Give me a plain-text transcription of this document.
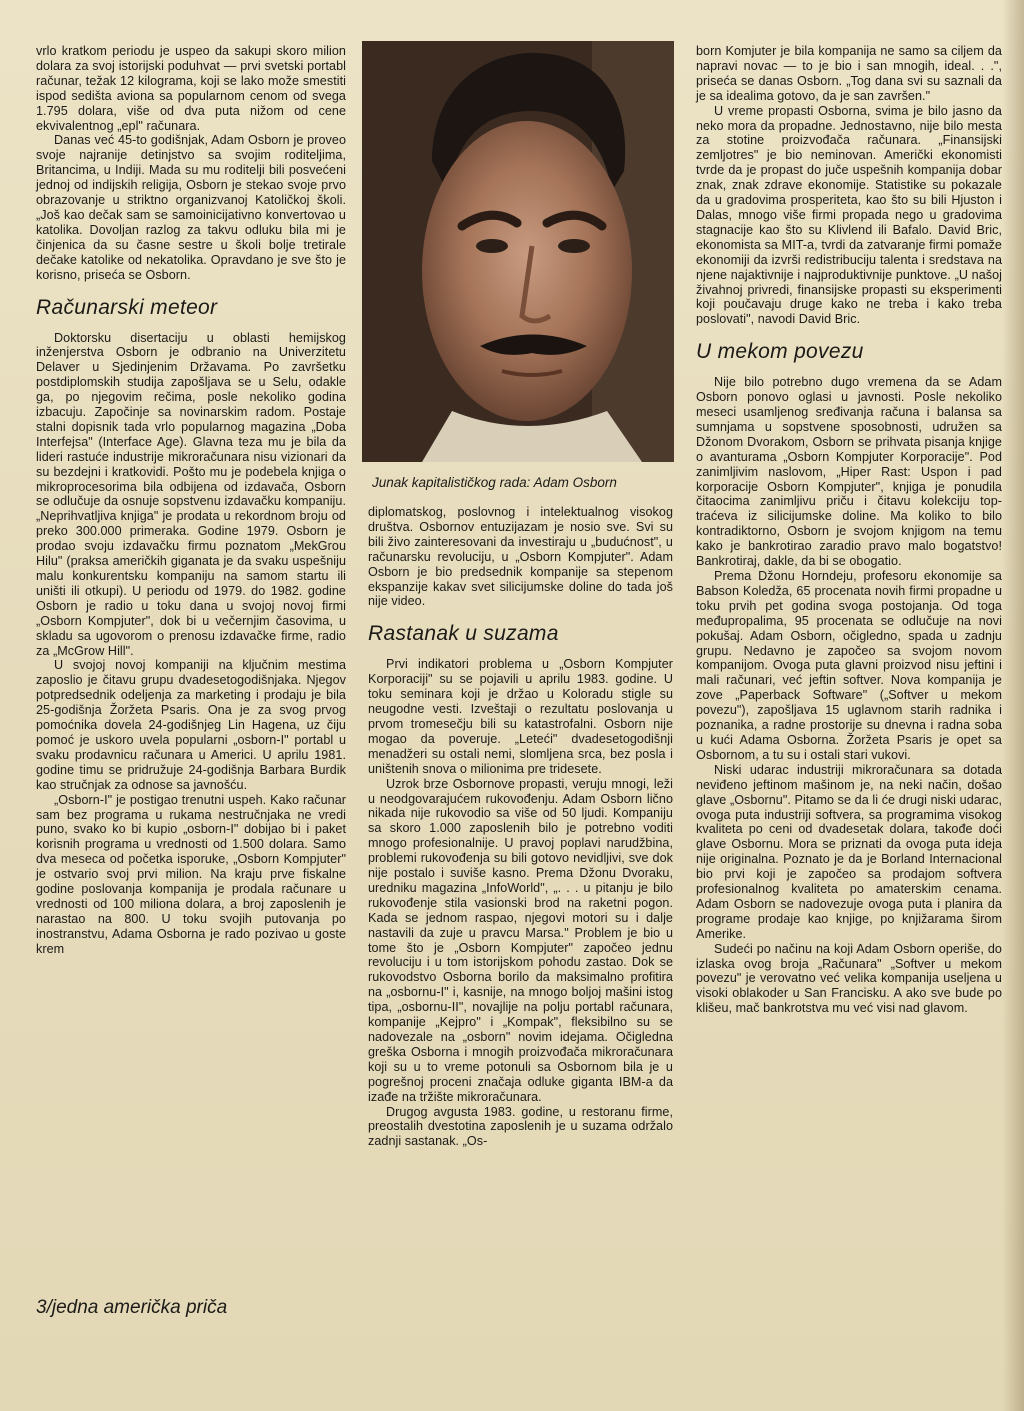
vrlo kratkom periodu je uspeo da sakupi skoro milion dolara za svoj istorijski poduhvat — prvi svetski portabl računar, težak 12 kilograma, koji se lako može smestiti ispod sedišta aviona sa popularnom cenom od svega 1.795 dolara, više od dva puta nižom od cene ekvivalentnog „epl" računara.

Danas već 45-to godišnjak, Adam Osborn je proveo svoje najranije detinjstvo sa svojim roditeljima, Britancima, u Indiji. Mada su mu roditelji bili posvećeni jednoj od indijskih religija, Osborn je stekao svoje prvo obrazovanje u striktno organizvanoj Katoličkoj školi. „Još kao dečak sam se samoinicijativno konvertovao u katolika. Dovoljan razlog za takvu odluku bila mi je činjenica da su časne sestre u školi bolje tretirale dečake katolike od nekatolika. Opravdano je sve što je korisno, priseća se Osborn.

Računarski meteor

Doktorsku disertaciju u oblasti hemijskog inženjerstva Osborn je odbranio na Univerzitetu Delaver u Sjedinjenim Državama. Po završetku postdiplomskih studija zapošljava se u Selu, odakle ga, po njegovim rečima, posle nekoliko godina izbacuju. Započinje sa novinarskim radom. Postaje stalni dopisnik tada vrlo popularnog magazina „Doba Interfejsa" (Interface Age). Glavna teza mu je bila da lideri rastuće industrije mikroračunara nisu vizionari da su bezdejni i kratkovidi. Pošto mu je podebela knjiga o mikroprocesorima bila odbijena od izdavača, Osborn se odlučuje da osnuje sopstvenu izdavačku kompaniju. „Neprihvatljiva knjiga" je prodata u rekordnom broju od preko 300.000 primeraka. Godine 1979. Osborn je prodao svoju izdavačku firmu poznatom „MekGrou Hilu" (praksa američkih giganata je da svaku uspešniju malu konkurentsku kompaniju na samom startu ili uništi ili otkupi). U periodu od 1979. do 1982. godine Osborn je radio u toku dana u svojoj novoj firmi „Osborn Kompjuter", dok bi u večernjim časovima, u skladu sa ugovorom o prenosu izdavačke firme, radio za „McGrow Hill".

U svojoj novoj kompaniji na ključnim mestima zaposlio je čitavu grupu dvadesetogodišnjaka. Njegov potpredsednik odeljenja za marketing i prodaju je bila 25-godišnja Žoržeta Psaris. Ona je za svog prvog pomoćnika dovela 24-godišnjeg Lin Hagena, uz čiju pomoć je uskoro uvela popularni „osborn-I" portabl u svaku prodavnicu računara u Americi. U aprilu 1981. godine timu se pridružuje 24-godišnja Barbara Burdik kao stručnjak za odnose sa javnošću.

„Osborn-I" je postigao trenutni uspeh. Kako računar sam bez programa u rukama nestručnjaka ne vredi puno, svako ko bi kupio „osborn-I" dobijao bi i paket korisnih programa u vrednosti od 1.500 dolara. Samo dva meseca od početka isporuke, „Osborn Kompjuter" je ostvario svoj prvi milion. Na kraju prve fiskalne godine poslovanja kompanija je prodala računare u vrednosti od 100 miliona dolara, a broj zaposlenih je narastao na 800. U toku svojih putovanja po inostranstvu, Adama Osborna je rado pozivao u goste krem

Junak kapitalističkog rada: Adam Osborn

diplomatskog, poslovnog i intelektualnog visokog društva. Osbornov entuzijazam je nosio sve. Svi su bili živo zainteresovani da investiraju u „budućnost", u računarsku revoluciju, u „Osborn Kompjuter". Adam Osborn je bio predsednik kompanije sa stepenom ekspanzije kakav svet silicijumske doline do tada još nije video.

Rastanak u suzama

Prvi indikatori problema u „Osborn Kompjuter Korporaciji" su se pojavili u aprilu 1983. godine. U toku seminara koji je držao u Koloradu stigle su neugodne vesti. Izveštaji o rezultatu poslovanja u prvom tromesečju bili su katastrofalni. Osborn nije mogao da poveruje. „Leteći" dvadesetogodišnji menadžeri su ostali nemi, slomljena srca, bez posla i uništenih snova o milionima pre tridesete.

Uzrok brze Osbornove propasti, veruju mnogi, leži u neodgovarajućem rukovođenju. Adam Osborn lično nikada nije rukovodio sa više od 50 ljudi. Kompaniju sa skoro 1.000 zaposlenih bilo je potrebno voditi mnogo profesionalnije. U pravoj poplavi narudžbina, problemi rukovođenja su bili gotovo nevidljivi, sve dok nije postalo i suviše kasno. Prema Džonu Dvoraku, uredniku magazina „InfoWorld", „. . . u pitanju je bilo rukovođenje stila vasionski brod na raketni pogon. Kada se jednom raspao, njegovi motori su i dalje nastavili da zuje u pravcu Marsa." Problem je bio u tome što je „Osborn Kompjuter" započeo jednu revoluciju i u tom istorijskom pohodu zastao. Dok se rukovodstvo Osborna borilo da maksimalno profitira na „osbornu-I" i, kasnije, na mnogo boljoj mašini istog tipa, „osbornu-II", novajlije na polju portabl računara, kompanije „Kejpro" i „Kompak", fleksibilno su se nadovezale na „osborn" novim idejama. Očigledna greška Osborna i mnogih proizvođača mikroračunara koji su u to vreme potonuli sa Osbornom bila je u pogrešnoj proceni značaja odluke giganta IBM-a da izađe na tržište mikroračunara.

Drugog avgusta 1983. godine, u restoranu firme, preostalih dvestotina zaposlenih je u suzama održalo zadnji sastanak. „Os-

born Komjuter je bila kompanija ne samo sa ciljem da napravi novac — to je bio i san mnogih, ideal. . .", priseća se danas Osborn. „Tog dana svi su saznali da je sa idealima gotovo, da je san završen."

U vreme propasti Osborna, svima je bilo jasno da neko mora da propadne. Jednostavno, nije bilo mesta za stotine proizvođača računara. „Finansijski zemljotres" je bio neminovan. Američki ekonomisti tvrde da je propast do juče uspešnih kompanija dobar znak, znak zdrave ekonomije. Statistike su pokazale da u gradovima prosperiteta, kao što su bili Hjuston i Dalas, mnogo više firmi propada nego u gradovima stagnacije kao što su Klivlend ili Bafalo. David Bric, ekonomista sa MIT-a, tvrdi da zatvaranje firmi pomaže ekonomiji da izvrši redistribuciju talenta i sredstava na njene najaktivnije i najproduktivnije punktove. „U našoj živahnoj privredi, finansijske propasti su eksperimenti koji poučavaju druge kako ne treba i kako treba poslovati", navodi David Bric.

U mekom povezu

Nije bilo potrebno dugo vremena da se Adam Osborn ponovo oglasi u javnosti. Posle nekoliko meseci usamljenog sređivanja računa i balansa sa sumnjama u sopstvene sposobnosti, udružen sa Džonom Dvorakom, Osborn se prihvata pisanja knjige o avanturama „Osborn Kompjuter Korporacije". Pod zanimljivim naslovom, „Hiper Rast: Uspon i pad korporacije Osborn Kompjuter", knjiga je ponudila čitaocima zanimljivu priču i čitavu kolekciju top-traćeva iz silicijumske doline. Ma koliko to bilo kontradiktorno, Osborn je svojom knjigom na temu kako je bankrotirao zaradio pravo malo bogatstvo! Bankrotiraj, dakle, da bi se obogatio.

Prema Džonu Horndeju, profesoru ekonomije sa Babson Koledža, 65 procenata novih firmi propadne u toku prvih pet godina svoga postojanja. Od toga međupropalima, 95 procenata se odlučuje na novi pokušaj. Adam Osborn, očigledno, spada u zadnju grupu. Nedavno je započeo sa svojom novom kompanijom. Ovoga puta glavni proizvod nisu jeftini i mali računari, već jeftin softver. Nova kompanija je zove „Paperback Software" („Softver u mekom povezu"), zapošljava 15 uglavnom starih radnika i poznanika, a radne prostorije su dnevna i radna soba u kući Adama Osborna. Žoržeta Psaris je opet sa Osbornom, a tu su i ostali stari vukovi.

Niski udarac industriji mikroračunara sa dotada neviđeno jeftinom mašinom je, na neki način, došao glave „Osbornu". Pitamo se da li će drugi niski udarac, ovoga puta industriji softvera, sa programima visokog kvaliteta po ceni od dvadesetak dolara, takođe doći glave Osbornu. Mora se priznati da ovoga puta ideja nije originalna. Poznato je da je Borland Internacional bio prvi koji je započeo sa prodajom softvera profesionalnog kvaliteta po amaterskim cenama. Adam Osborn se nadovezuje ovoga puta i planira da programe prodaje kao knjige, po knjižarama širom Amerike.

Sudeći po načinu na koji Adam Osborn operiše, do izlaska ovog broja „Računara" „Softver u mekom povezu" je verovatno već velika kompanija useljena u visoki oblakoder u San Francisku. A ako sve bude po klišeu, mač bankrotstva mu već visi nad glavom.

3/jedna američka priča
